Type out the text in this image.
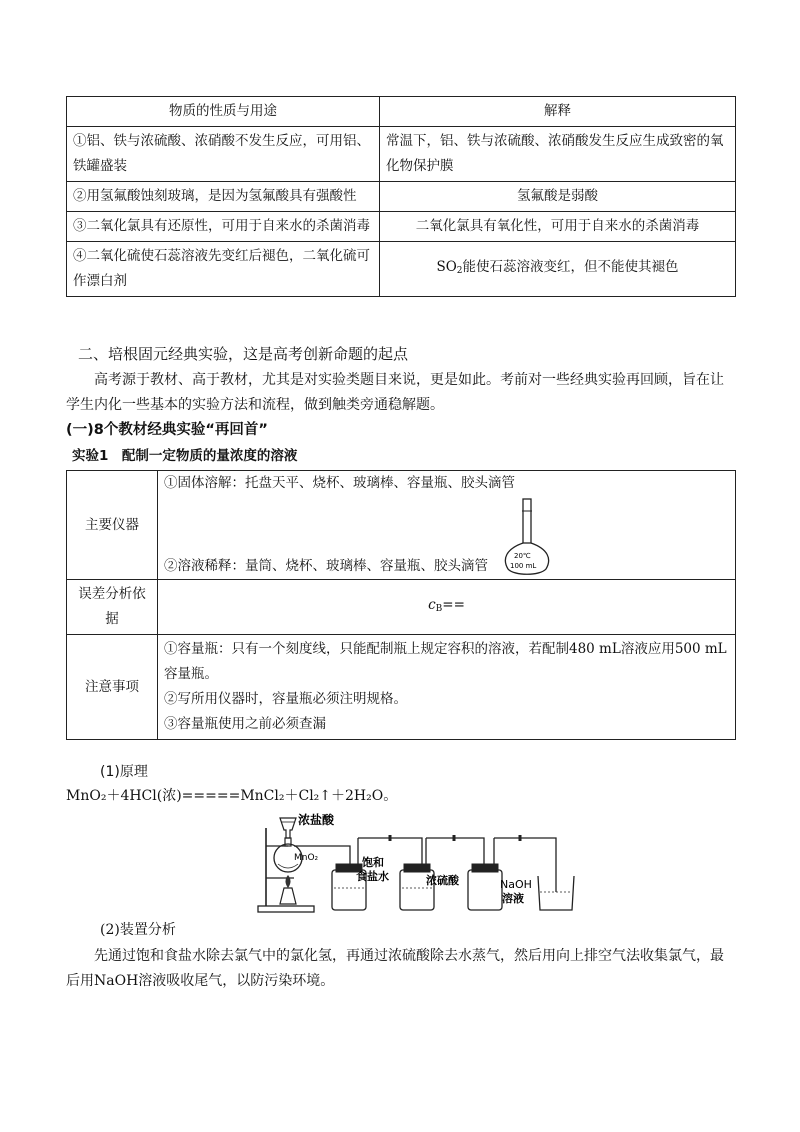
物质的性质与用途	解释
①铝、铁与浓硫酸、浓硝酸不发生反应，可用铝、铁罐盛装	常温下，铝、铁与浓硫酸、浓硝酸发生反应生成致密的氧化物保护膜
②用氢氟酸蚀刻玻璃，是因为氢氟酸具有强酸性	氢氟酸是弱酸
③二氧化氯具有还原性，可用于自来水的杀菌消毒	二氧化氯具有氧化性，可用于自来水的杀菌消毒
④二氧化硫使石蕊溶液先变红后褪色，二氧化硫可作漂白剂	$SO_2$能使石蕊溶液变红，但不能使其褪色
二、培根固元经典实验，这是高考创新命题的起点
高考源于教材、高于教材，尤其是对实验类题目来说，更是如此。考前对一些经典实验再回顾，旨在让学生内化一些基本的实验方法和流程，做到触类旁通稳解题。
(一)8个教材经典实验“再回首”
实验1　配制一定物质的量浓度的溶液
主要仪器	①固体溶解：托盘天平、烧杯、玻璃棒、容量瓶、胶头滴管
②溶液稀释：量筒、烧杯、玻璃棒、容量瓶、胶头滴管
20℃
100 mL

误差分析依据	$c_B==$
注意事项	①容量瓶：只有一个刻度线，只能配制瓶上规定容积的溶液，若配制480 mL溶液应用500 mL容量瓶。
②写所用仪器时，容量瓶必须注明规格。
③容量瓶使用之前必须查漏
(1)原理
MnO₂＋4HCl(浓)=====MnCl₂＋Cl₂↑＋2H₂O。
浓盐酸
MnO₂	饱和
食盐水	浓硫酸	NaOH
溶液
(2)装置分析
先通过饱和食盐水除去氯气中的氯化氢，再通过浓硫酸除去水蒸气，然后用向上排空气法收集氯气，最后用NaOH溶液吸收尾气，以防污染环境。
